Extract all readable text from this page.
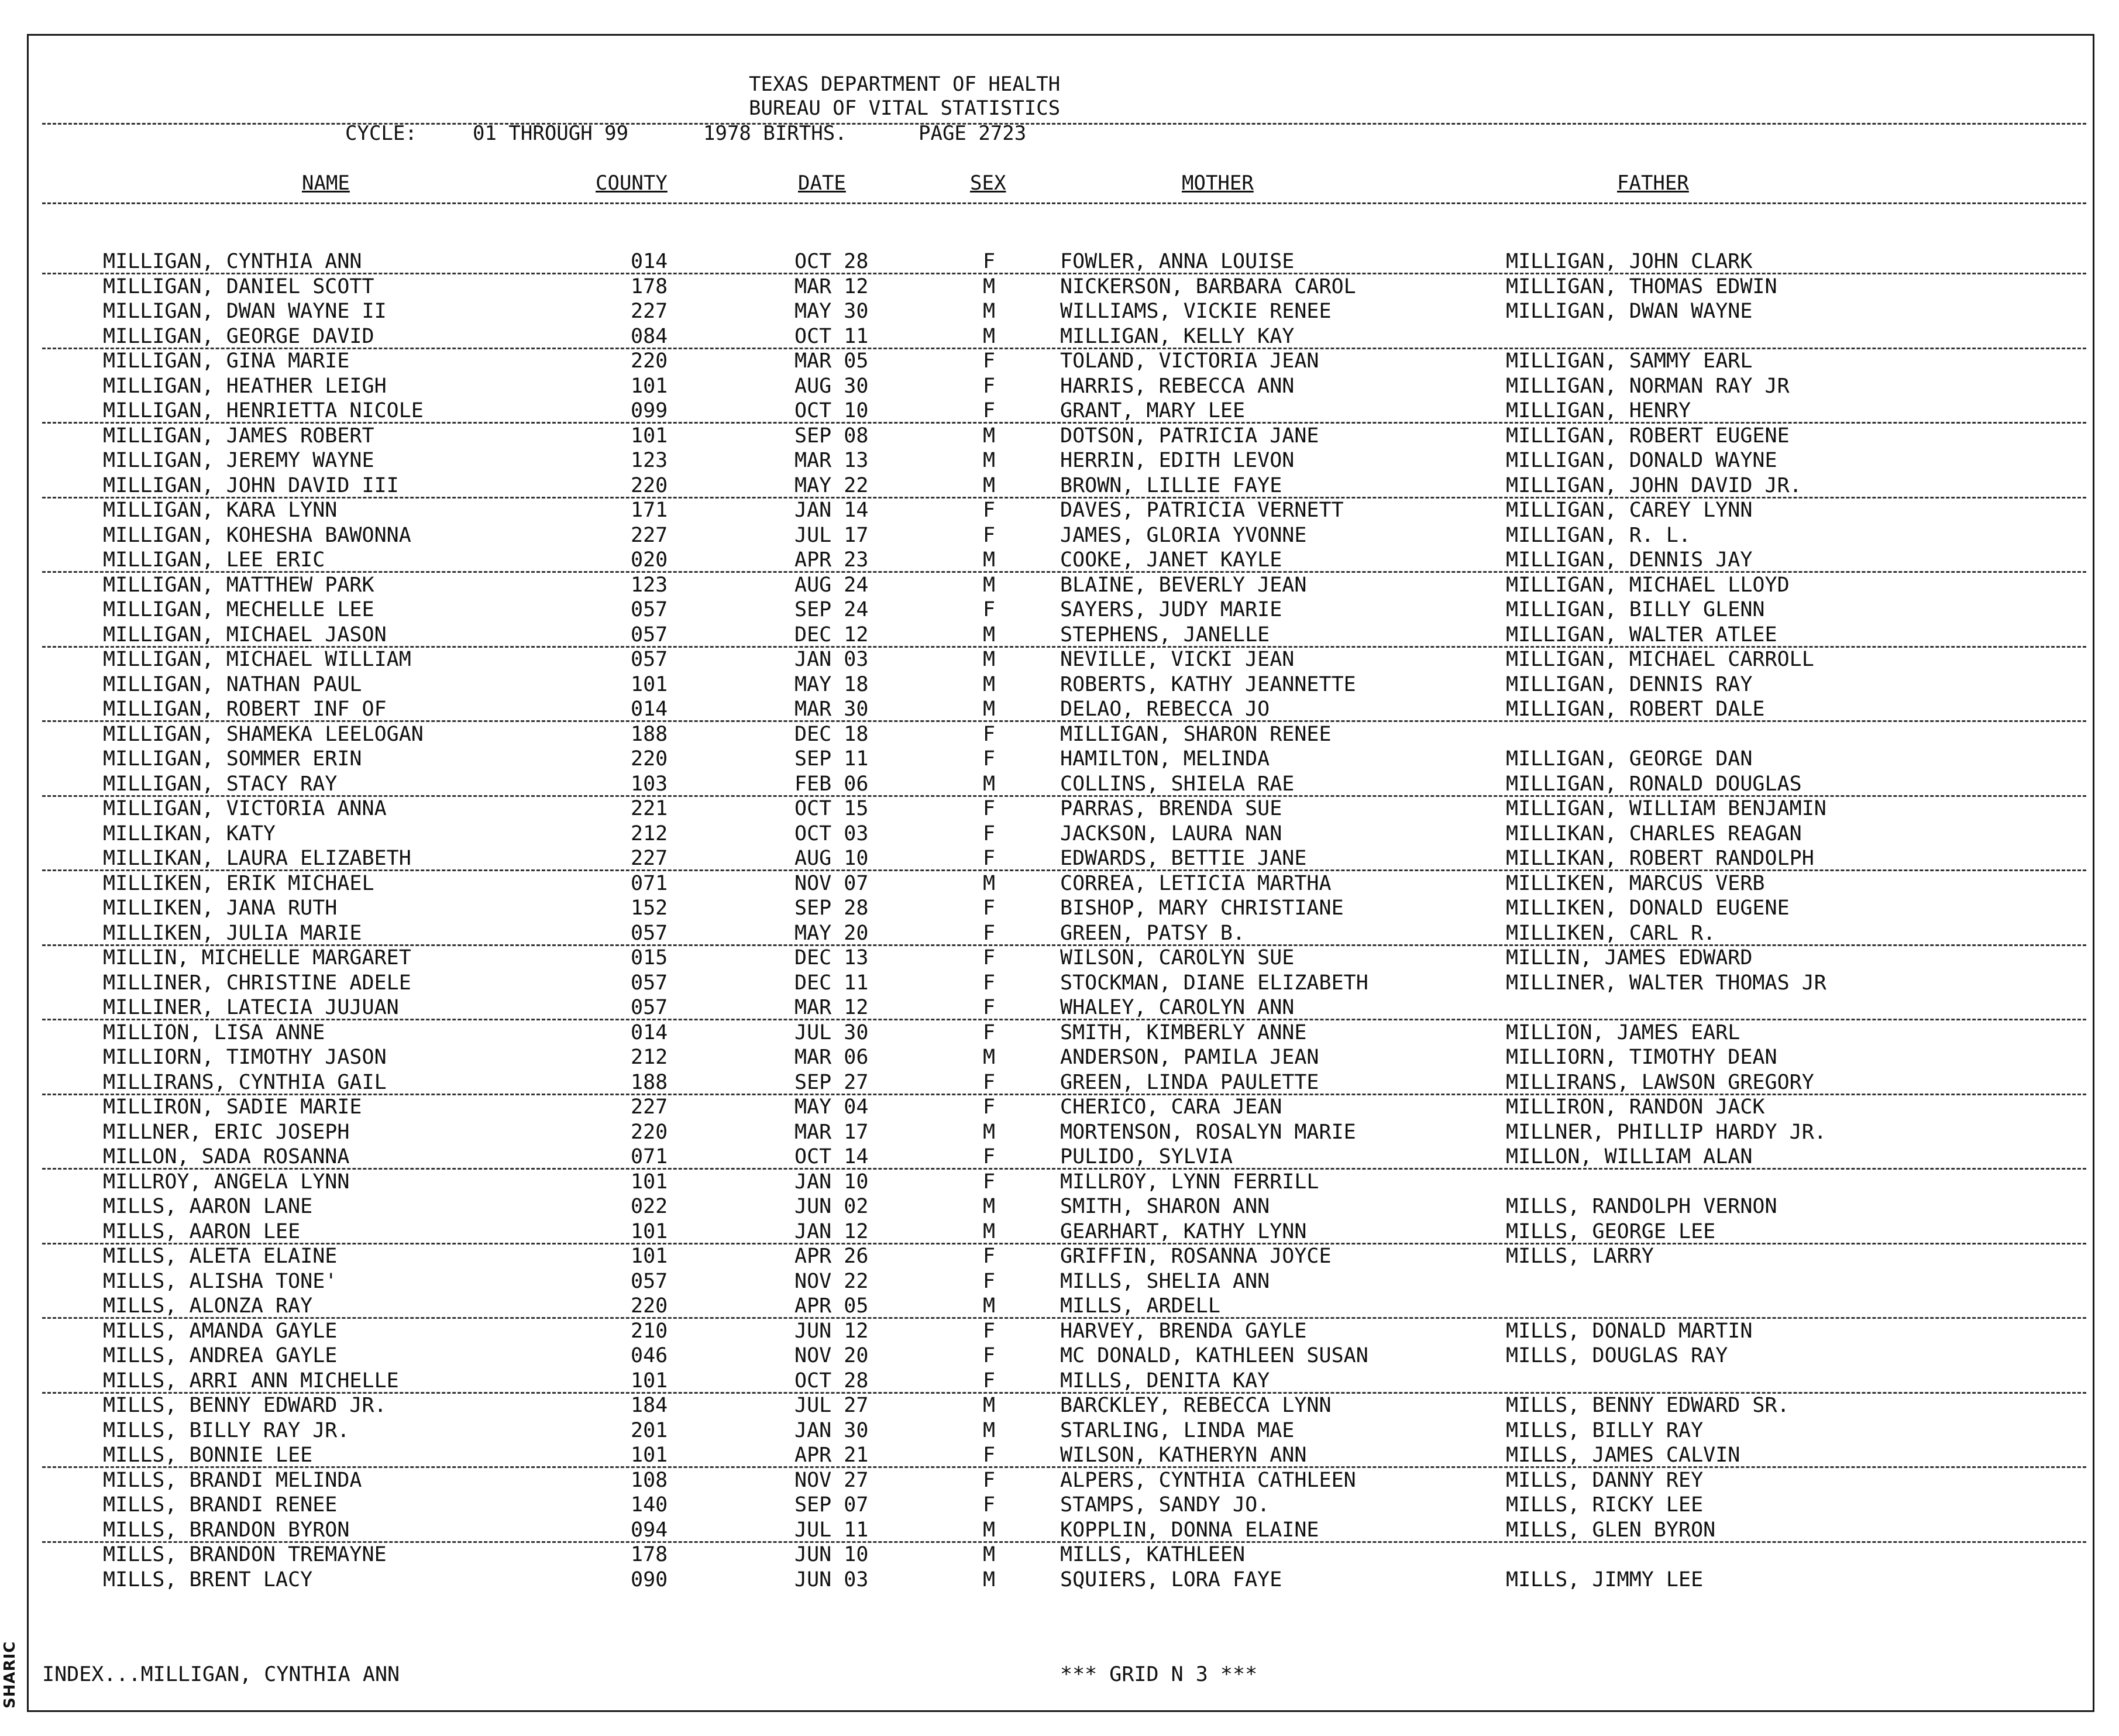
SHARIC
TEXAS DEPARTMENT OF HEALTH
BUREAU OF VITAL STATISTICS
CYCLE:	01 THROUGH 99	1978 BIRTHS.	PAGE 2723
NAME	COUNTY	DATE	SEX	MOTHER	FATHER
MILLIGAN, CYNTHIA ANN	014	OCT 28	F	FOWLER, ANNA LOUISE	MILLIGAN, JOHN CLARK
MILLIGAN, DANIEL SCOTT	178	MAR 12	M	NICKERSON, BARBARA CAROL	MILLIGAN, THOMAS EDWIN
MILLIGAN, DWAN WAYNE II	227	MAY 30	M	WILLIAMS, VICKIE RENEE	MILLIGAN, DWAN WAYNE
MILLIGAN, GEORGE DAVID	084	OCT 11	M	MILLIGAN, KELLY KAY
MILLIGAN, GINA MARIE	220	MAR 05	F	TOLAND, VICTORIA JEAN	MILLIGAN, SAMMY EARL
MILLIGAN, HEATHER LEIGH	101	AUG 30	F	HARRIS, REBECCA ANN	MILLIGAN, NORMAN RAY JR
MILLIGAN, HENRIETTA NICOLE	099	OCT 10	F	GRANT, MARY LEE	MILLIGAN, HENRY
MILLIGAN, JAMES ROBERT	101	SEP 08	M	DOTSON, PATRICIA JANE	MILLIGAN, ROBERT EUGENE
MILLIGAN, JEREMY WAYNE	123	MAR 13	M	HERRIN, EDITH LEVON	MILLIGAN, DONALD WAYNE
MILLIGAN, JOHN DAVID III	220	MAY 22	M	BROWN, LILLIE FAYE	MILLIGAN, JOHN DAVID JR.
MILLIGAN, KARA LYNN	171	JAN 14	F	DAVES, PATRICIA VERNETT	MILLIGAN, CAREY LYNN
MILLIGAN, KOHESHA BAWONNA	227	JUL 17	F	JAMES, GLORIA YVONNE	MILLIGAN, R. L.
MILLIGAN, LEE ERIC	020	APR 23	M	COOKE, JANET KAYLE	MILLIGAN, DENNIS JAY
MILLIGAN, MATTHEW PARK	123	AUG 24	M	BLAINE, BEVERLY JEAN	MILLIGAN, MICHAEL LLOYD
MILLIGAN, MECHELLE LEE	057	SEP 24	F	SAYERS, JUDY MARIE	MILLIGAN, BILLY GLENN
MILLIGAN, MICHAEL JASON	057	DEC 12	M	STEPHENS, JANELLE	MILLIGAN, WALTER ATLEE
MILLIGAN, MICHAEL WILLIAM	057	JAN 03	M	NEVILLE, VICKI JEAN	MILLIGAN, MICHAEL CARROLL
MILLIGAN, NATHAN PAUL	101	MAY 18	M	ROBERTS, KATHY JEANNETTE	MILLIGAN, DENNIS RAY
MILLIGAN, ROBERT INF OF	014	MAR 30	M	DELAO, REBECCA JO	MILLIGAN, ROBERT DALE
MILLIGAN, SHAMEKA LEELOGAN	188	DEC 18	F	MILLIGAN, SHARON RENEE
MILLIGAN, SOMMER ERIN	220	SEP 11	F	HAMILTON, MELINDA	MILLIGAN, GEORGE DAN
MILLIGAN, STACY RAY	103	FEB 06	M	COLLINS, SHIELA RAE	MILLIGAN, RONALD DOUGLAS
MILLIGAN, VICTORIA ANNA	221	OCT 15	F	PARRAS, BRENDA SUE	MILLIGAN, WILLIAM BENJAMIN
MILLIKAN, KATY	212	OCT 03	F	JACKSON, LAURA NAN	MILLIKAN, CHARLES REAGAN
MILLIKAN, LAURA ELIZABETH	227	AUG 10	F	EDWARDS, BETTIE JANE	MILLIKAN, ROBERT RANDOLPH
MILLIKEN, ERIK MICHAEL	071	NOV 07	M	CORREA, LETICIA MARTHA	MILLIKEN, MARCUS VERB
MILLIKEN, JANA RUTH	152	SEP 28	F	BISHOP, MARY CHRISTIANE	MILLIKEN, DONALD EUGENE
MILLIKEN, JULIA MARIE	057	MAY 20	F	GREEN, PATSY B.	MILLIKEN, CARL R.
MILLIN, MICHELLE MARGARET	015	DEC 13	F	WILSON, CAROLYN SUE	MILLIN, JAMES EDWARD
MILLINER, CHRISTINE ADELE	057	DEC 11	F	STOCKMAN, DIANE ELIZABETH	MILLINER, WALTER THOMAS JR
MILLINER, LATECIA JUJUAN	057	MAR 12	F	WHALEY, CAROLYN ANN
MILLION, LISA ANNE	014	JUL 30	F	SMITH, KIMBERLY ANNE	MILLION, JAMES EARL
MILLIORN, TIMOTHY JASON	212	MAR 06	M	ANDERSON, PAMILA JEAN	MILLIORN, TIMOTHY DEAN
MILLIRANS, CYNTHIA GAIL	188	SEP 27	F	GREEN, LINDA PAULETTE	MILLIRANS, LAWSON GREGORY
MILLIRON, SADIE MARIE	227	MAY 04	F	CHERICO, CARA JEAN	MILLIRON, RANDON JACK
MILLNER, ERIC JOSEPH	220	MAR 17	M	MORTENSON, ROSALYN MARIE	MILLNER, PHILLIP HARDY JR.
MILLON, SADA ROSANNA	071	OCT 14	F	PULIDO, SYLVIA	MILLON, WILLIAM ALAN
MILLROY, ANGELA LYNN	101	JAN 10	F	MILLROY, LYNN FERRILL
MILLS, AARON LANE	022	JUN 02	M	SMITH, SHARON ANN	MILLS, RANDOLPH VERNON
MILLS, AARON LEE	101	JAN 12	M	GEARHART, KATHY LYNN	MILLS, GEORGE LEE
MILLS, ALETA ELAINE	101	APR 26	F	GRIFFIN, ROSANNA JOYCE	MILLS, LARRY
MILLS, ALISHA TONE'	057	NOV 22	F	MILLS, SHELIA ANN
MILLS, ALONZA RAY	220	APR 05	M	MILLS, ARDELL
MILLS, AMANDA GAYLE	210	JUN 12	F	HARVEY, BRENDA GAYLE	MILLS, DONALD MARTIN
MILLS, ANDREA GAYLE	046	NOV 20	F	MC DONALD, KATHLEEN SUSAN	MILLS, DOUGLAS RAY
MILLS, ARRI ANN MICHELLE	101	OCT 28	F	MILLS, DENITA KAY
MILLS, BENNY EDWARD JR.	184	JUL 27	M	BARCKLEY, REBECCA LYNN	MILLS, BENNY EDWARD SR.
MILLS, BILLY RAY JR.	201	JAN 30	M	STARLING, LINDA MAE	MILLS, BILLY RAY
MILLS, BONNIE LEE	101	APR 21	F	WILSON, KATHERYN ANN	MILLS, JAMES CALVIN
MILLS, BRANDI MELINDA	108	NOV 27	F	ALPERS, CYNTHIA CATHLEEN	MILLS, DANNY REY
MILLS, BRANDI RENEE	140	SEP 07	F	STAMPS, SANDY JO.	MILLS, RICKY LEE
MILLS, BRANDON BYRON	094	JUL 11	M	KOPPLIN, DONNA ELAINE	MILLS, GLEN BYRON
MILLS, BRANDON TREMAYNE	178	JUN 10	M	MILLS, KATHLEEN
MILLS, BRENT LACY	090	JUN 03	M	SQUIERS, LORA FAYE	MILLS, JIMMY LEE
INDEX...MILLIGAN, CYNTHIA ANN	*** GRID N 3 ***
